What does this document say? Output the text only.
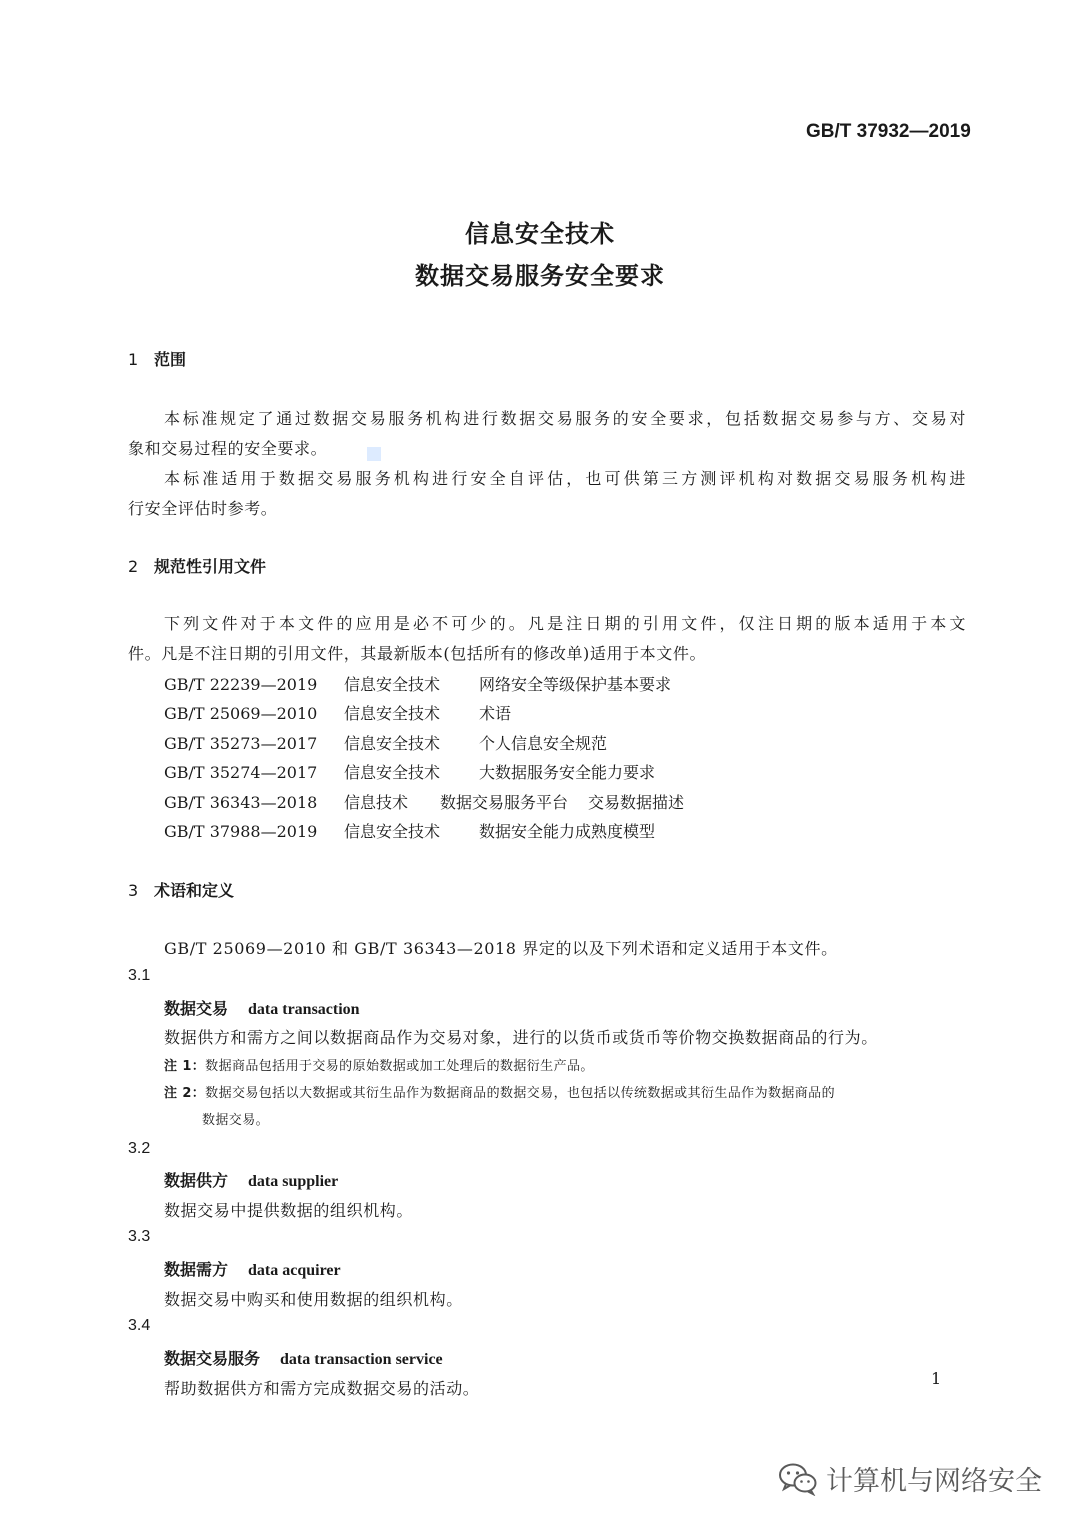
GB/T 37932—2019
信息安全技术
数据交易服务安全要求
1 范围
本标准规定了通过数据交易服务机构进行数据交易服务的安全要求，包括数据交易参与方、交易对
象和交易过程的安全要求。
本标准适用于数据交易服务机构进行安全自评估，也可供第三方测评机构对数据交易服务机构进
行安全评估时参考。
2 规范性引用文件
下列文件对于本文件的应用是必不可少的。凡是注日期的引用文件，仅注日期的版本适用于本文
件。凡是不注日期的引用文件，其最新版本(包括所有的修改单)适用于本文件。
GB/T 22239—2019 信息安全技术 网络安全等级保护基本要求
GB/T 25069—2010 信息安全技术 术语
GB/T 35273—2017 信息安全技术 个人信息安全规范
GB/T 35274—2017 信息安全技术 大数据服务安全能力要求
GB/T 36343—2018 信息技术 数据交易服务平台 交易数据描述
GB/T 37988—2019 信息安全技术 数据安全能力成熟度模型
3 术语和定义
GB/T 25069—2010 和 GB/T 36343—2018 界定的以及下列术语和定义适用于本文件。
3.1
数据交易 data transaction
数据供方和需方之间以数据商品作为交易对象，进行的以货币或货币等价物交换数据商品的行为。
注 1：数据商品包括用于交易的原始数据或加工处理后的数据衍生产品。
注 2：数据交易包括以大数据或其衍生品作为数据商品的数据交易，也包括以传统数据或其衍生品作为数据商品的
数据交易。
3.2
数据供方 data supplier
数据交易中提供数据的组织机构。
3.3
数据需方 data acquirer
数据交易中购买和使用数据的组织机构。
3.4
数据交易服务 data transaction service
帮助数据供方和需方完成数据交易的活动。
1
计算机与网络安全
